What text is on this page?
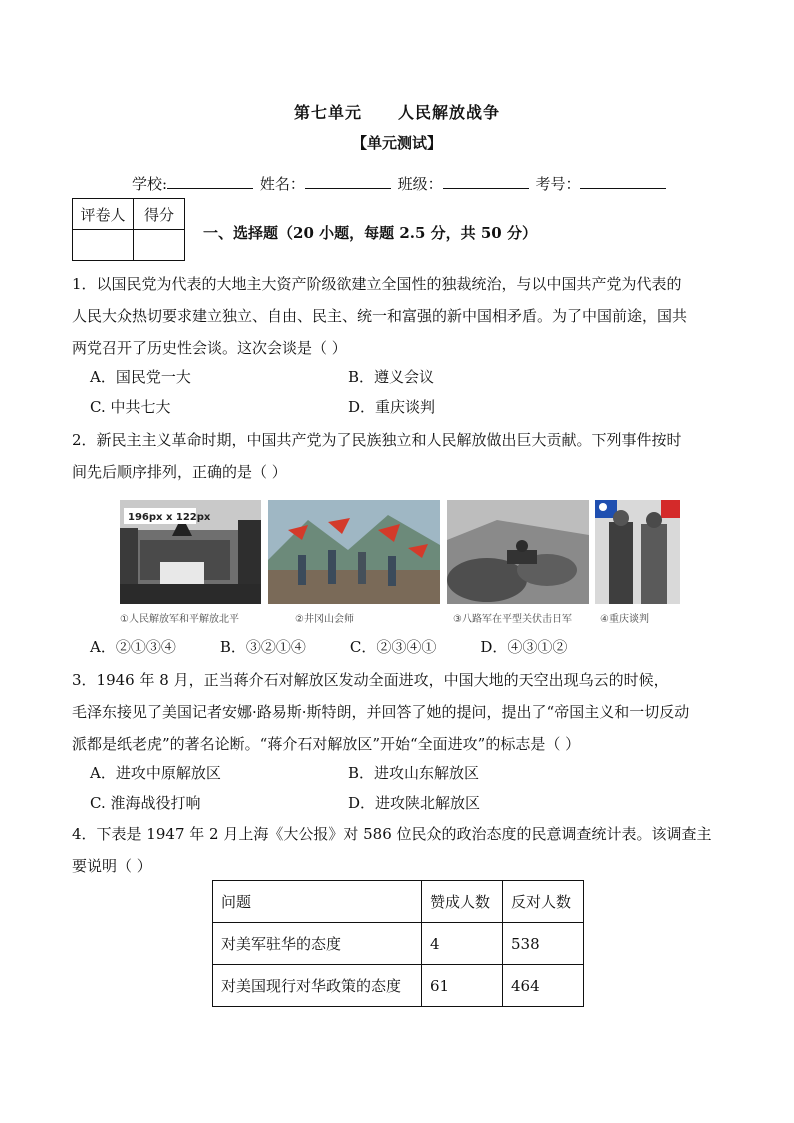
第七单元 人民解放战争
【单元测试】
学校:	姓名：	班级：	考号：
评卷人	得分

一、选择题（20 小题，每题 2.5 分，共 50 分）

1．以国民党为代表的大地主大资产阶级欲建立全国性的独裁统治，与以中国共产党为代表的

人民大众热切要求建立独立、自由、民主、统一和富强的新中国相矛盾。为了中国前途，国共

两党召开了历史性会谈。这次会谈是（ ）

A．国民党一大	B．遵义会议
C. 中共七大	D．重庆谈判

2．新民主主义革命时期，中国共产党为了民族独立和人民解放做出巨大贡献。下列事件按时

间先后顺序排列，正确的是（ ）

196px x 122px
①人民解放军和平解放北平	②井冈山会师	③八路军在平型关伏击日军	④重庆谈判
A．②①③④	B．③②①④	C．②③④①	D．④③①②

3．1946 年 8 月，正当蒋介石对解放区发动全面进攻，中国大地的天空出现乌云的时候，

毛泽东接见了美国记者安娜·路易斯·斯特朗，并回答了她的提问，提出了“帝国主义和一切反动

派都是纸老虎”的著名论断。“蒋介石对解放区”开始“全面进攻”的标志是（ ）

A．进攻中原解放区	B．进攻山东解放区
C. 淮海战役打响	D．进攻陕北解放区

4．下表是 1947 年 2 月上海《大公报》对 586 位民众的政治态度的民意调查统计表。该调查主

要说明（ ）

问题	赞成人数	反对人数
对美军驻华的态度	4	538
对美国现行对华政策的态度	61	464
